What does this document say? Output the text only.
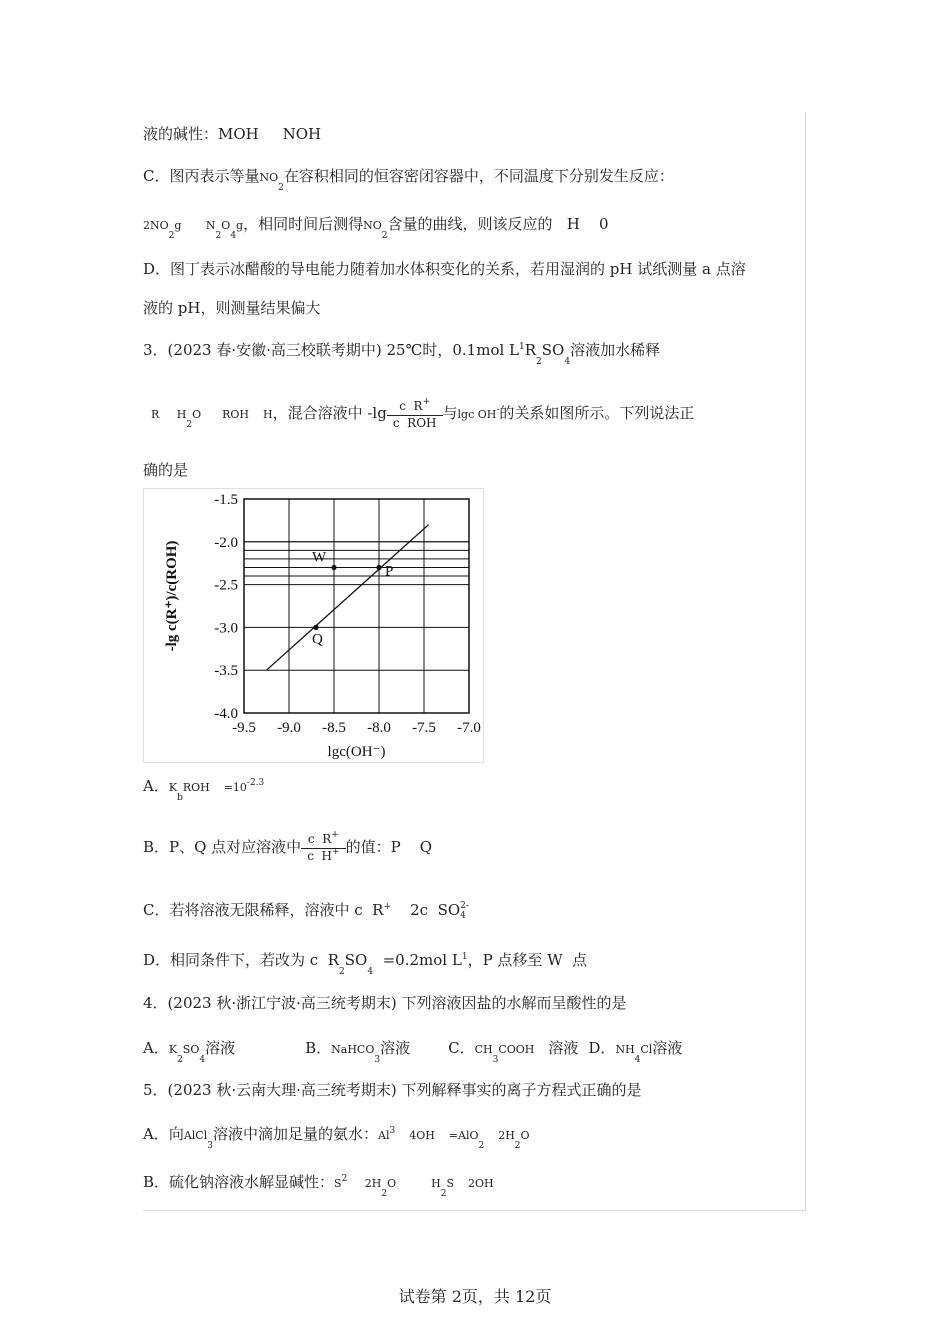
液的碱性：MOH     NOH
C．图丙表示等量$NO_2$在容积相同的恒容密闭容器中，不同温度下分别发生反应：
$2NO_2g$       $N_2O_4g$，相同时间后测得$NO_2$含量的曲线，则该反应的   H    0
D．图丁表示冰醋酸的导电能力随着加水体积变化的关系，若用湿润的 pH 试纸测量 a 点溶
液的 pH，则测量结果偏大
3．(2023 春·安徽·高三校联考期中) 25℃时，0.1mol $L^1R_2SO_4$溶液加水稀释
R     $H_2O$      ROH    H，混合溶液中 $-\lg \frac{c R^+}{\text{c  ROH}}$ 与lgc OH-的关系如图所示。下列说法正
确的是
-9.5 -9.0 -8.5 -8.0 -7.5 -7.0
-1.5
-2.0
-2.5
-3.0
-3.5
-4.0
W
P
Q
lgc(OH⁻)
-lg c(R⁺)/c(ROH)
A．$K_bROH$    $=10^{-2.3}$
B．P、Q 点对应溶液中 $\frac{c R^+}{c H^+}$ 的值：P    Q
C．若将溶液无限稀释，溶液中 c  R+    2c  SO 2-
4
D．相同条件下，若改为 c  $R_2SO_4 =0.2mol$ $L^1$，P 点移至 W  点
4．(2023 秋·浙江宁波·高三统考期末) 下列溶液因盐的水解而呈酸性的是
A．$K_2SO_4$溶液	B．NaHCO$_3$溶液	C．$CH_3COOH$ 溶液 D．$NH_4Cl$溶液
5．(2023 秋·云南大理·高三统考期末) 下列解释事实的离子方程式正确的是
A．向AlCl$_3$溶液中滴加足量的氨水：Al$^3$    4OH    =AlO$_2$    $2H_2O$
B．硫化钠溶液水解显碱性：$S^2$     $2H_2O$          $H_2S$    2OH
试卷第 2页，共 12页
